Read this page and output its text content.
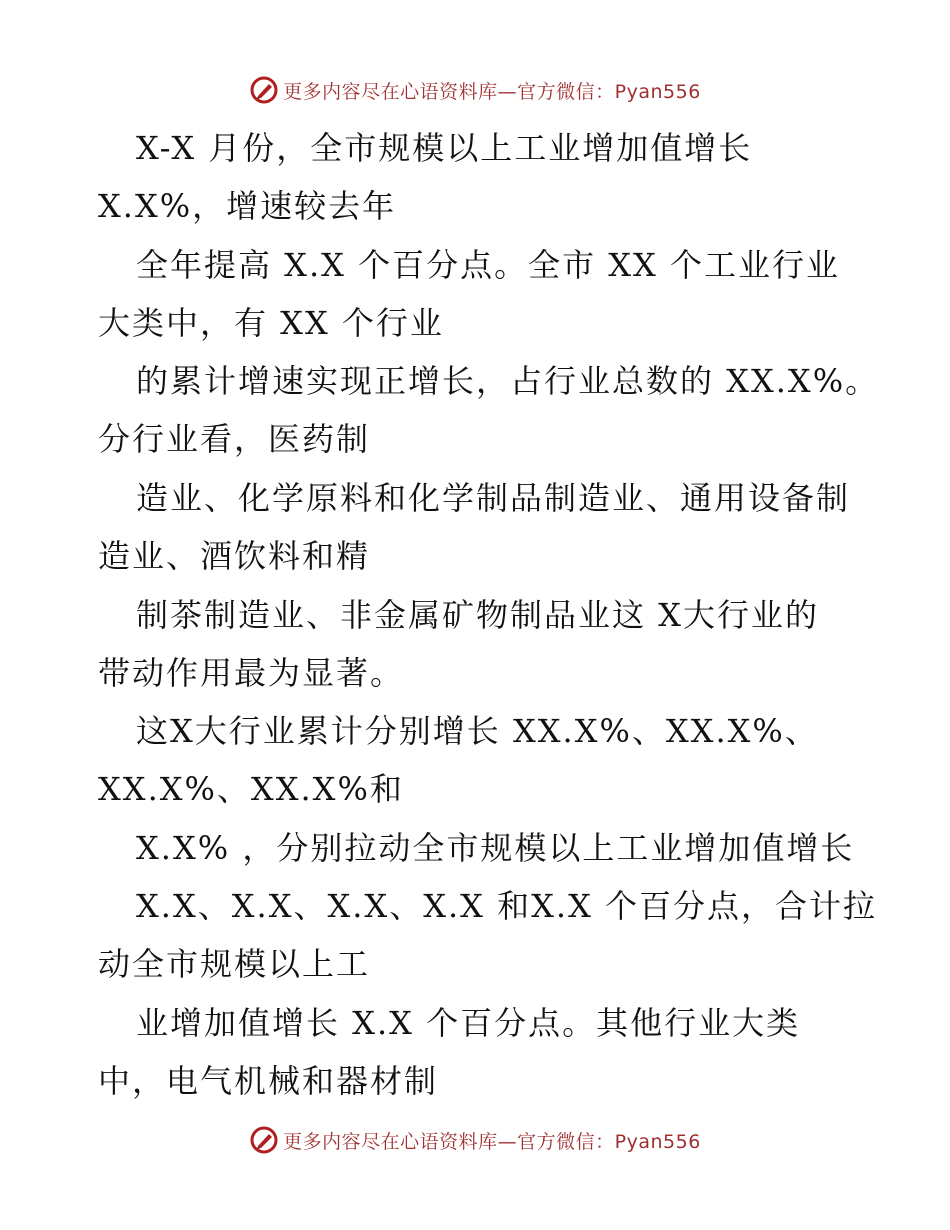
更多内容尽在心语资料库—官方微信：Pyan556
X-X 月份，全市规模以上工业增加值增长
X.X%，增速较去年
全年提高 X.X 个百分点。全市 XX 个工业行业
大类中，有 XX 个行业
的累计增速实现正增长，占行业总数的 XX.X%。
分行业看，医药制
造业、化学原料和化学制品制造业、通用设备制
造业、酒饮料和精
制茶制造业、非金属矿物制品业这 X大行业的
带动作用最为显著。
这X大行业累计分别增长 XX.X%、XX.X%、
XX.X%、XX.X%和
X.X% ，分别拉动全市规模以上工业增加值增长
X.X、X.X、X.X、X.X 和X.X 个百分点，合计拉
动全市规模以上工
业增加值增长 X.X 个百分点。其他行业大类
中，电气机械和器材制
更多内容尽在心语资料库—官方微信：Pyan556
